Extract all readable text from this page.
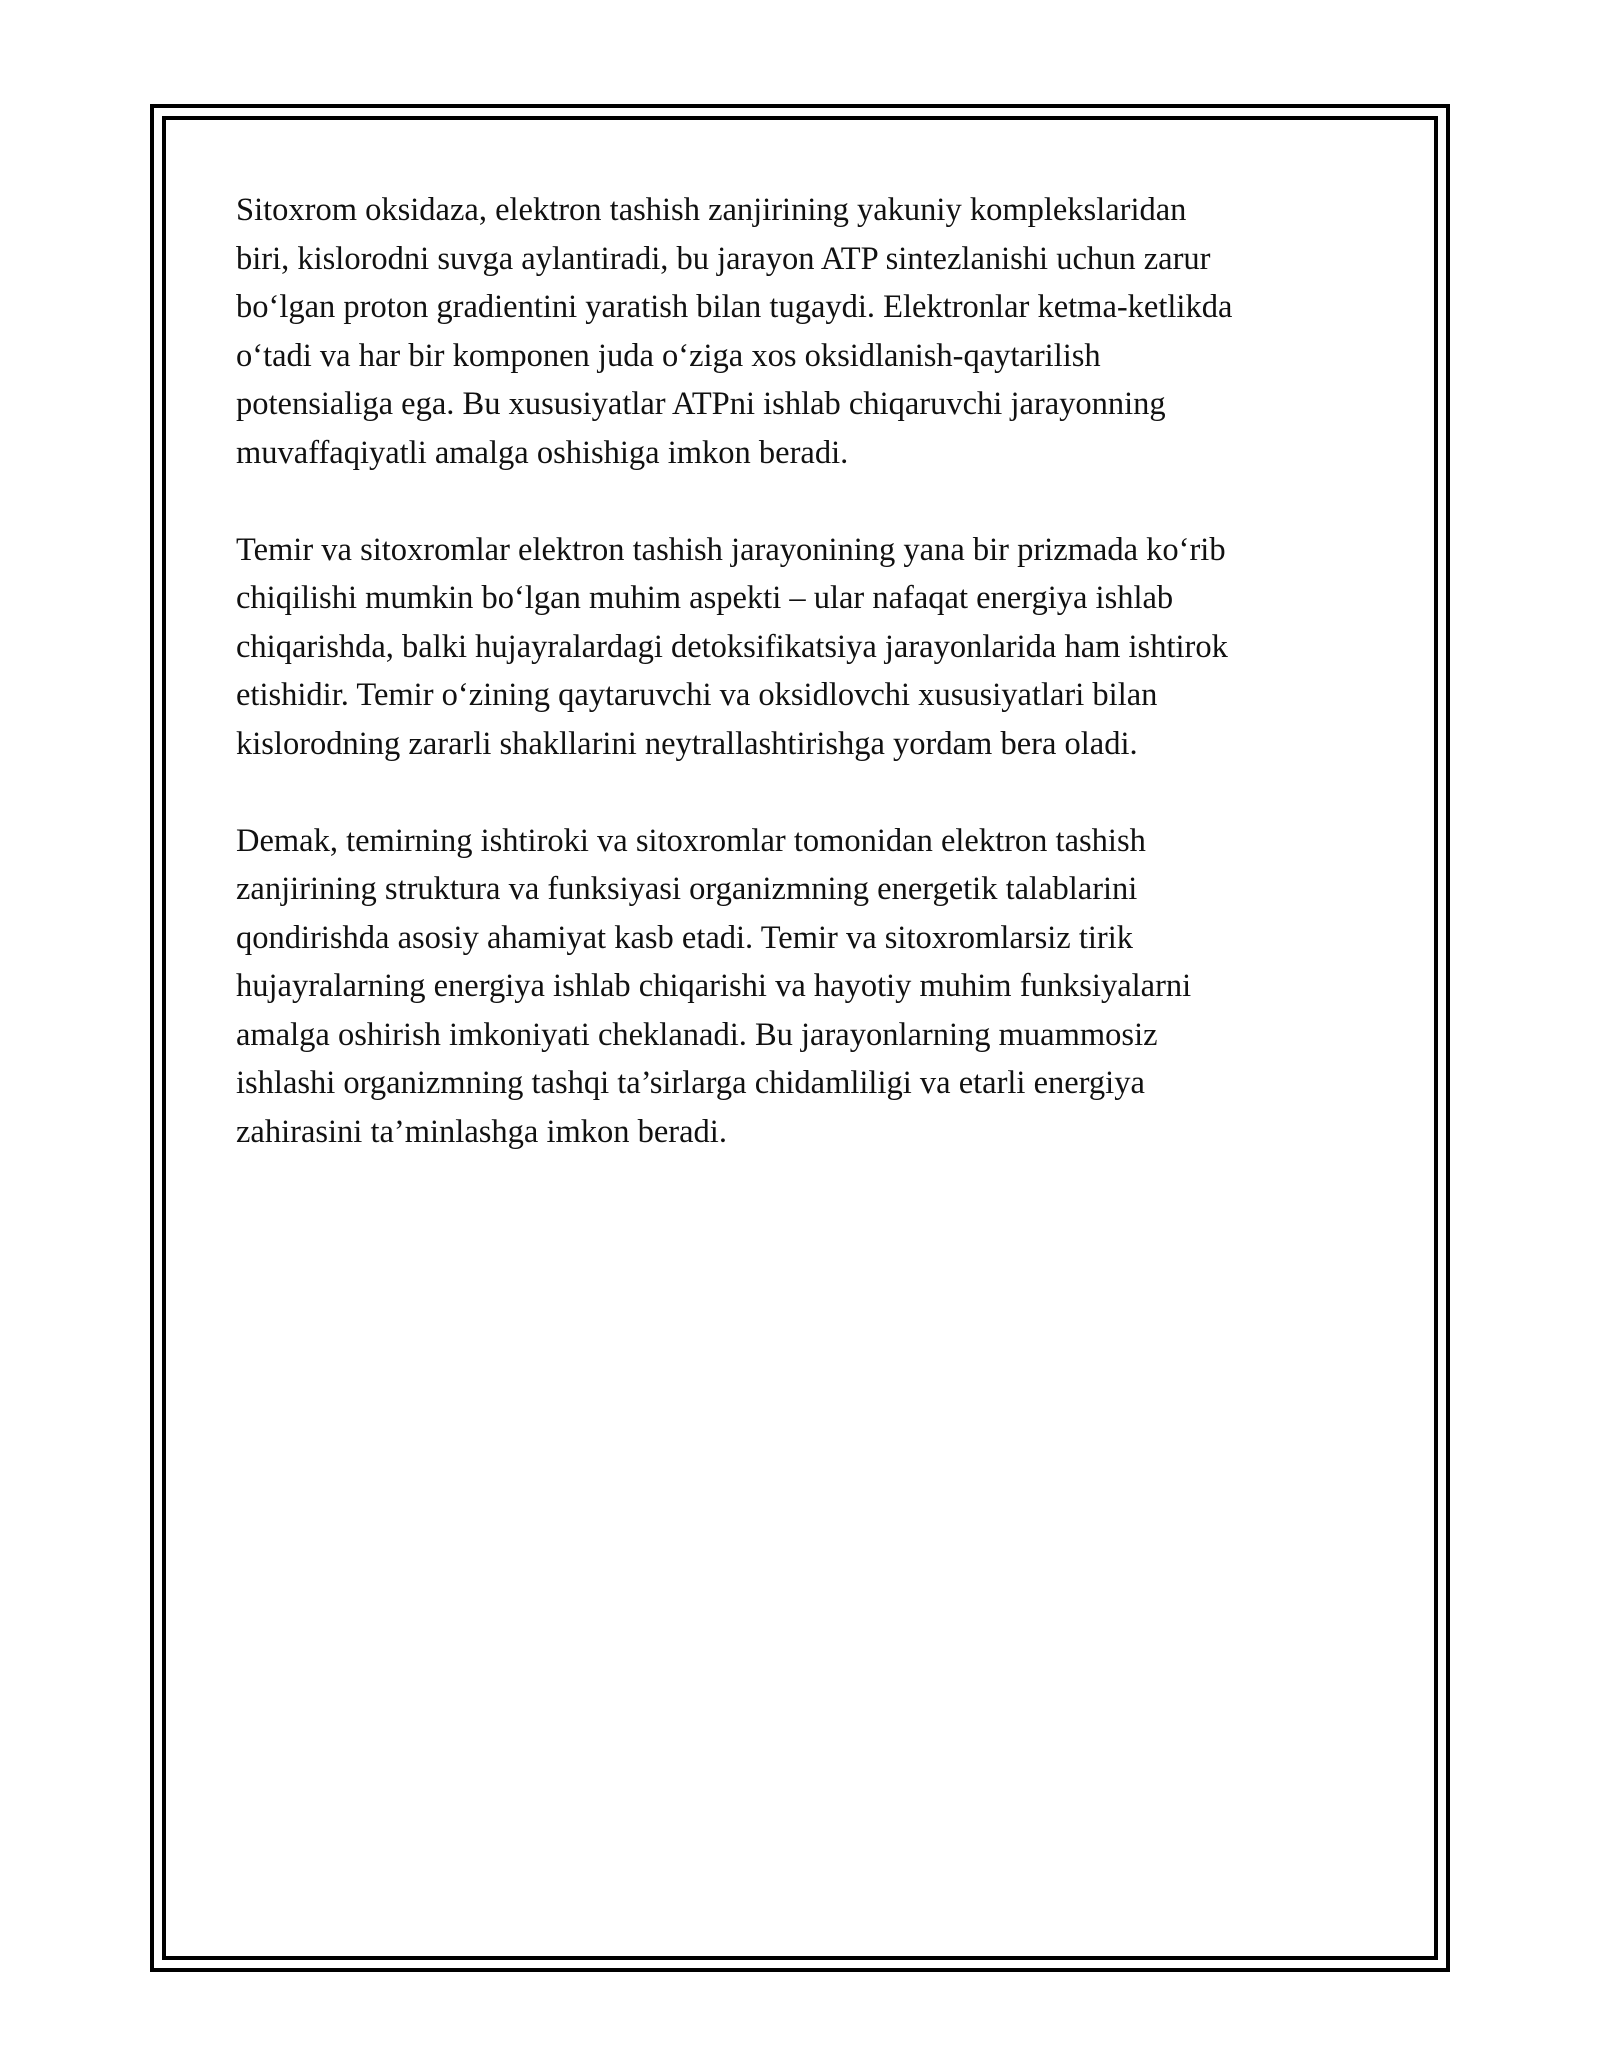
Sitoxrom oksidaza, elektron tashish zanjirining yakuniy komplekslaridan
biri, kislorodni suvga aylantiradi, bu jarayon ATP sintezlanishi uchun zarur
bo‘lgan proton gradientini yaratish bilan tugaydi. Elektronlar ketma-ketlikda
o‘tadi va har bir komponen juda o‘ziga xos oksidlanish-qaytarilish
potensialiga ega. Bu xususiyatlar ATPni ishlab chiqaruvchi jarayonning
muvaffaqiyatli amalga oshishiga imkon beradi.

Temir va sitoxromlar elektron tashish jarayonining yana bir prizmada ko‘rib
chiqilishi mumkin bo‘lgan muhim aspekti – ular nafaqat energiya ishlab
chiqarishda, balki hujayralardagi detoksifikatsiya jarayonlarida ham ishtirok
etishidir. Temir o‘zining qaytaruvchi va oksidlovchi xususiyatlari bilan
kislorodning zararli shakllarini neytrallashtirishga yordam bera oladi.

Demak, temirning ishtiroki va sitoxromlar tomonidan elektron tashish
zanjirining struktura va funksiyasi organizmning energetik talablarini
qondirishda asosiy ahamiyat kasb etadi. Temir va sitoxromlarsiz tirik
hujayralarning energiya ishlab chiqarishi va hayotiy muhim funksiyalarni
amalga oshirish imkoniyati cheklanadi. Bu jarayonlarning muammosiz
ishlashi organizmning tashqi ta’sirlarga chidamliligi va etarli energiya
zahirasini ta’minlashga imkon beradi.
